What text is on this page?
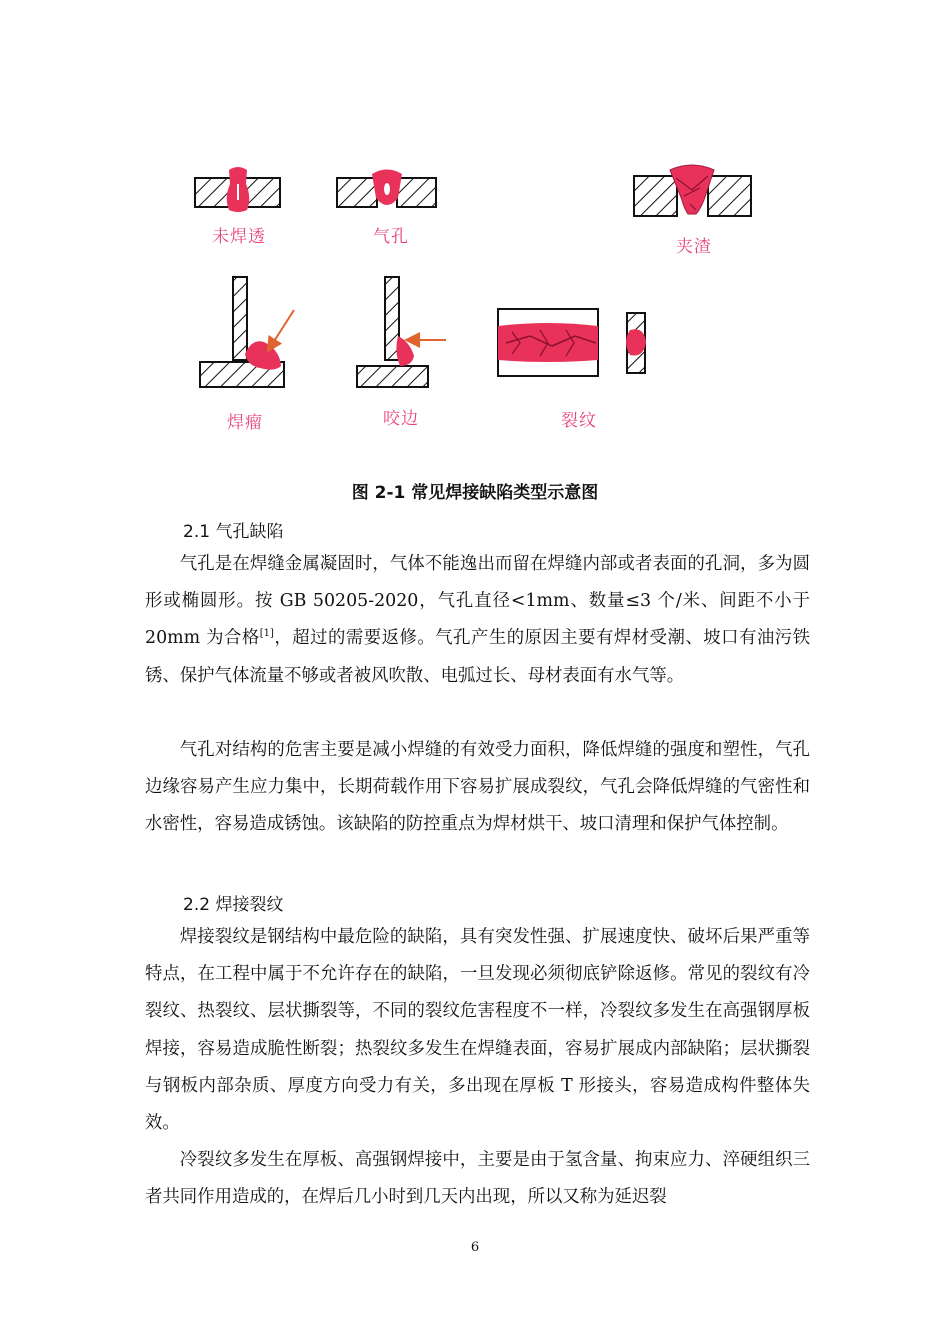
未焊透	气孔	夹渣
焊瘤	咬边	裂纹
图 2-1 常见焊接缺陷类型示意图
2.1 气孔缺陷

气孔是在焊缝金属凝固时，气体不能逸出而留在焊缝内部或者表面的孔洞，多为圆形或椭圆形。按 GB 50205-2020，气孔直径<1mm、数量≤3 个/米、间距不小于 20mm 为合格[1]，超过的需要返修。气孔产生的原因主要有焊材受潮、坡口有油污铁锈、保护气体流量不够或者被风吹散、电弧过长、母材表面有水气等。

气孔对结构的危害主要是减小焊缝的有效受力面积，降低焊缝的强度和塑性，气孔边缘容易产生应力集中，长期荷载作用下容易扩展成裂纹，气孔会降低焊缝的气密性和水密性，容易造成锈蚀。该缺陷的防控重点为焊材烘干、坡口清理和保护气体控制。

2.2 焊接裂纹

焊接裂纹是钢结构中最危险的缺陷，具有突发性强、扩展速度快、破坏后果严重等特点，在工程中属于不允许存在的缺陷，一旦发现必须彻底铲除返修。常见的裂纹有冷裂纹、热裂纹、层状撕裂等，不同的裂纹危害程度不一样，冷裂纹多发生在高强钢厚板焊接，容易造成脆性断裂；热裂纹多发生在焊缝表面，容易扩展成内部缺陷；层状撕裂与钢板内部杂质、厚度方向受力有关，多出现在厚板 T 形接头，容易造成构件整体失效。

冷裂纹多发生在厚板、高强钢焊接中，主要是由于氢含量、拘束应力、淬硬组织三者共同作用造成的，在焊后几小时到几天内出现，所以又称为延迟裂

6
